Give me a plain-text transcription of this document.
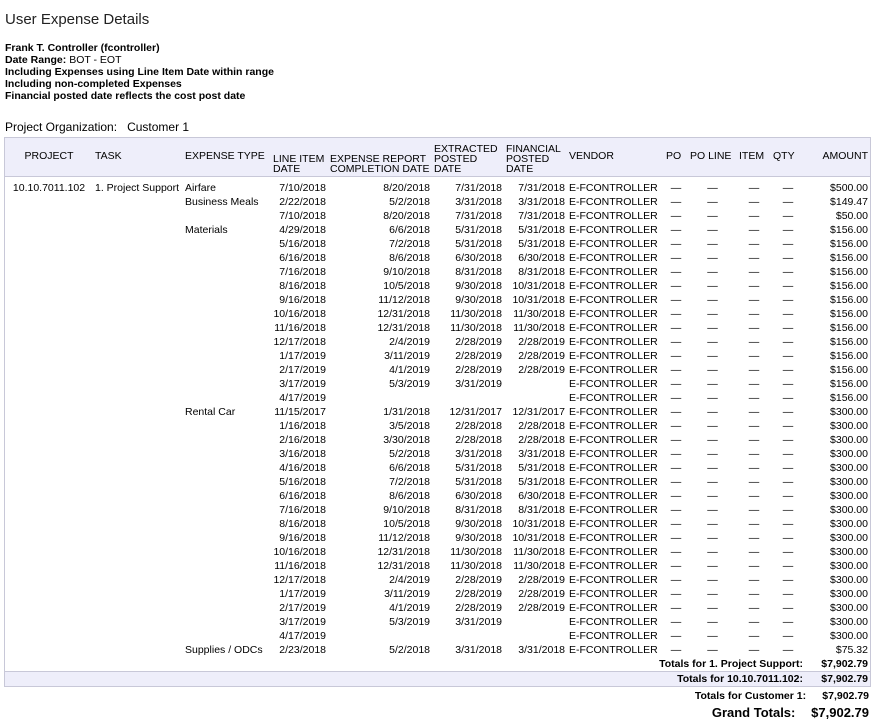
User Expense Details
Frank T. Controller (fcontroller)
Date Range: BOT - EOT
Including Expenses using Line Item Date within range
Including non-completed Expenses
Financial posted date reflects the cost post date
Project Organization: Customer 1
PROJECT	TASK	EXPENSE TYPE	LINE ITEM DATE	EXPENSE REPORT COMPLETION DATE	EXTRACTED POSTED DATE	FINANCIAL POSTED DATE	VENDOR	PO	PO LINE	ITEM	QTY	AMOUNT
10.10.7011.102	1. Project Support	Airfare	7/10/2018	8/20/2018	7/31/2018	7/31/2018	E-FCONTROLLER	—	—	—	—	$500.00
		Business Meals	2/22/2018	5/2/2018	3/31/2018	3/31/2018	E-FCONTROLLER	—	—	—	—	$149.47
			7/10/2018	8/20/2018	7/31/2018	7/31/2018	E-FCONTROLLER	—	—	—	—	$50.00
		Materials	4/29/2018	6/6/2018	5/31/2018	5/31/2018	E-FCONTROLLER	—	—	—	—	$156.00
			5/16/2018	7/2/2018	5/31/2018	5/31/2018	E-FCONTROLLER	—	—	—	—	$156.00
			6/16/2018	8/6/2018	6/30/2018	6/30/2018	E-FCONTROLLER	—	—	—	—	$156.00
			7/16/2018	9/10/2018	8/31/2018	8/31/2018	E-FCONTROLLER	—	—	—	—	$156.00
			8/16/2018	10/5/2018	9/30/2018	10/31/2018	E-FCONTROLLER	—	—	—	—	$156.00
			9/16/2018	11/12/2018	9/30/2018	10/31/2018	E-FCONTROLLER	—	—	—	—	$156.00
			10/16/2018	12/31/2018	11/30/2018	11/30/2018	E-FCONTROLLER	—	—	—	—	$156.00
			11/16/2018	12/31/2018	11/30/2018	11/30/2018	E-FCONTROLLER	—	—	—	—	$156.00
			12/17/2018	2/4/2019	2/28/2019	2/28/2019	E-FCONTROLLER	—	—	—	—	$156.00
			1/17/2019	3/11/2019	2/28/2019	2/28/2019	E-FCONTROLLER	—	—	—	—	$156.00
			2/17/2019	4/1/2019	2/28/2019	2/28/2019	E-FCONTROLLER	—	—	—	—	$156.00
			3/17/2019	5/3/2019	3/31/2019		E-FCONTROLLER	—	—	—	—	$156.00
			4/17/2019				E-FCONTROLLER	—	—	—	—	$156.00
		Rental Car	11/15/2017	1/31/2018	12/31/2017	12/31/2017	E-FCONTROLLER	—	—	—	—	$300.00
			1/16/2018	3/5/2018	2/28/2018	2/28/2018	E-FCONTROLLER	—	—	—	—	$300.00
			2/16/2018	3/30/2018	2/28/2018	2/28/2018	E-FCONTROLLER	—	—	—	—	$300.00
			3/16/2018	5/2/2018	3/31/2018	3/31/2018	E-FCONTROLLER	—	—	—	—	$300.00
			4/16/2018	6/6/2018	5/31/2018	5/31/2018	E-FCONTROLLER	—	—	—	—	$300.00
			5/16/2018	7/2/2018	5/31/2018	5/31/2018	E-FCONTROLLER	—	—	—	—	$300.00
			6/16/2018	8/6/2018	6/30/2018	6/30/2018	E-FCONTROLLER	—	—	—	—	$300.00
			7/16/2018	9/10/2018	8/31/2018	8/31/2018	E-FCONTROLLER	—	—	—	—	$300.00
			8/16/2018	10/5/2018	9/30/2018	10/31/2018	E-FCONTROLLER	—	—	—	—	$300.00
			9/16/2018	11/12/2018	9/30/2018	10/31/2018	E-FCONTROLLER	—	—	—	—	$300.00
			10/16/2018	12/31/2018	11/30/2018	11/30/2018	E-FCONTROLLER	—	—	—	—	$300.00
			11/16/2018	12/31/2018	11/30/2018	11/30/2018	E-FCONTROLLER	—	—	—	—	$300.00
			12/17/2018	2/4/2019	2/28/2019	2/28/2019	E-FCONTROLLER	—	—	—	—	$300.00
			1/17/2019	3/11/2019	2/28/2019	2/28/2019	E-FCONTROLLER	—	—	—	—	$300.00
			2/17/2019	4/1/2019	2/28/2019	2/28/2019	E-FCONTROLLER	—	—	—	—	$300.00
			3/17/2019	5/3/2019	3/31/2019		E-FCONTROLLER	—	—	—	—	$300.00
			4/17/2019				E-FCONTROLLER	—	—	—	—	$300.00
		Supplies / ODCs	2/23/2018	5/2/2018	3/31/2018	3/31/2018	E-FCONTROLLER	—	—	—	—	$75.32
Totals for 1. Project Support:												$7,902.79
Totals for 10.10.7011.102:												$7,902.79
Totals for Customer 1: $7,902.79
Grand Totals: $7,902.79
